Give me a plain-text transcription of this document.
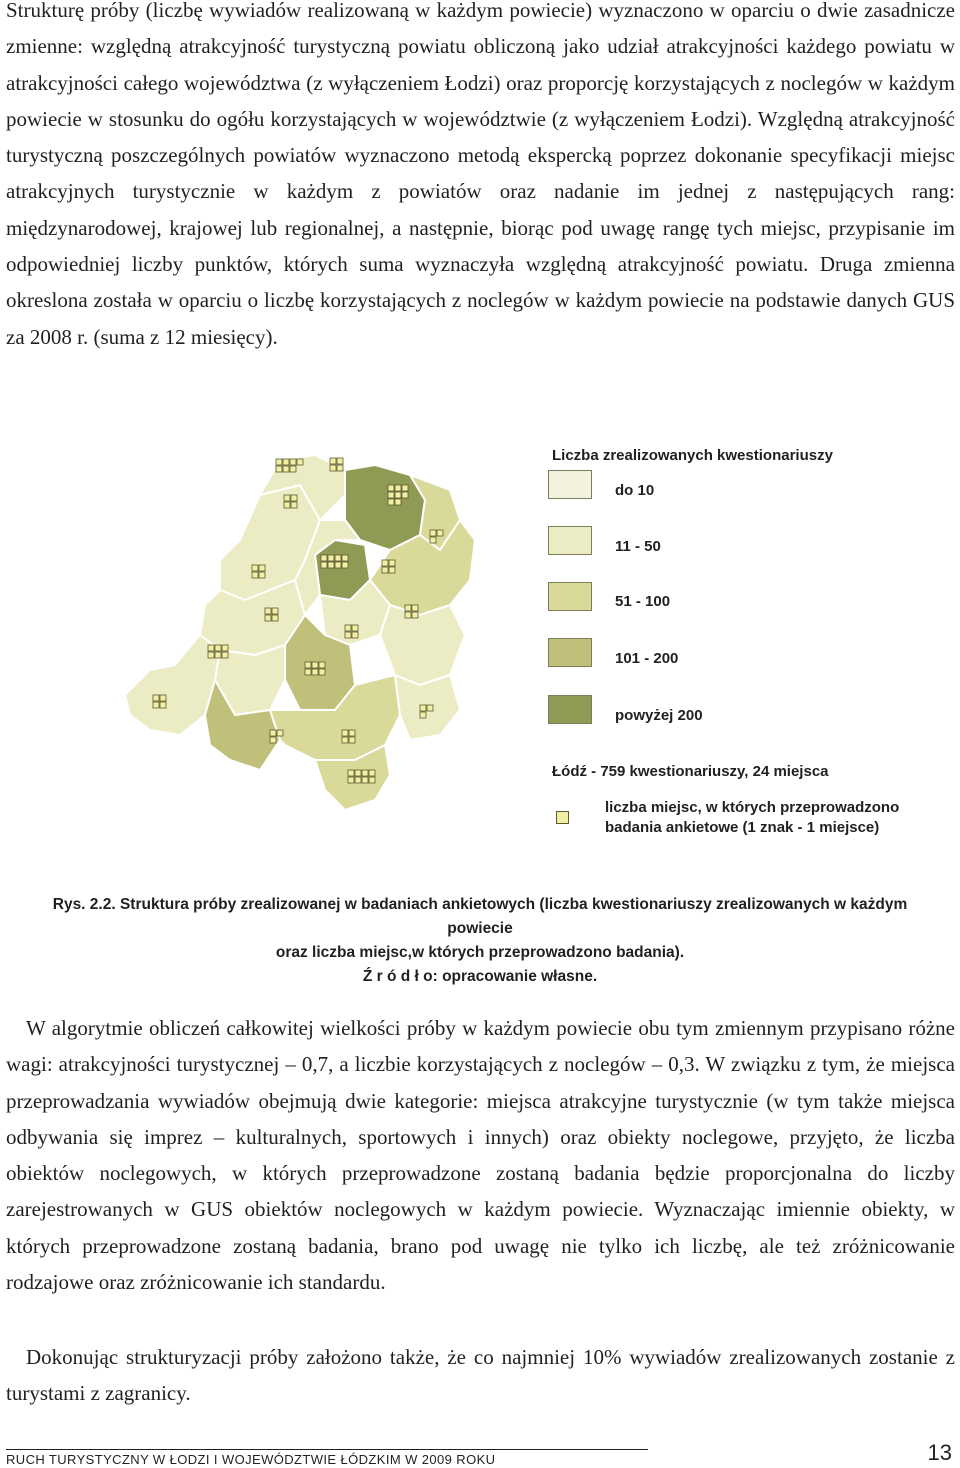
Strukturę próby (liczbę wywiadów realizowaną w każdym powiecie) wyznaczono w oparciu o dwie zasadnicze zmienne: względną atrakcyjność turystyczną powiatu obliczoną jako udział atrakcyjności każdego powiatu w atrakcyjności całego województwa (z wyłączeniem Łodzi) oraz proporcję korzystających z noclegów w każdym powiecie w stosunku do ogółu korzystających w województwie (z wyłączeniem Łodzi). Względną atrakcyjność turystyczną poszczególnych powiatów wyznaczono metodą ekspercką poprzez dokonanie specyfikacji miejsc atrakcyjnych turystycznie w każdym z powiatów oraz nadanie im jednej z następujących rang: międzynarodowej, krajowej lub regionalnej, a następnie, biorąc pod uwagę rangę tych miejsc, przypisanie im odpowiedniej liczby punktów, których suma wyznaczyła względną atrakcyjność powiatu. Druga zmienna okreslona została w oparciu o liczbę korzystających z noclegów w każdym powiecie na podstawie danych GUS za 2008 r. (suma z 12 miesięcy).

Liczba zrealizowanych kwestionariuszy
do 10
11 - 50
51 - 100
101 - 200
powyżej 200
Łódź - 759 kwestionariuszy, 24 miejsca
liczba miejsc, w których przeprowadzono badania ankietowe (1 znak - 1 miejsce)
Rys. 2.2. Struktura próby zrealizowanej w badaniach ankietowych (liczba kwestionariuszy zrealizowanych w każdym powiecie
oraz liczba miejsc,w których przeprowadzono badania).
Ź r ó d ł o: opracowanie własne.

W algorytmie obliczeń całkowitej wielkości próby w każdym powiecie obu tym zmiennym przypisano różne wagi: atrakcyjności turystycznej – 0,7, a liczbie korzystających z noclegów – 0,3. W związku z tym, że miejsca przeprowadzania wywiadów obejmują dwie kategorie: miejsca atrakcyjne turystycznie (w tym także miejsca odbywania się imprez – kulturalnych, sportowych i innych) oraz obiekty noclegowe, przyjęto, że liczba obiektów noclegowych, w których przeprowadzone zostaną badania będzie proporcjonalna do liczby zarejestrowanych w GUS obiektów noclegowych w każdym powiecie. Wyznaczając imiennie obiekty, w których przeprowadzone zostaną badania, brano pod uwagę nie tylko ich liczbę, ale też zróżnicowanie rodzajowe oraz zróżnicowanie ich standardu.

Dokonując strukturyzacji próby założono także, że co najmniej 10% wywiadów zrealizowanych zostanie z turystami z zagranicy.

RUCH TURYSTYCZNY W ŁODZI I WOJEWÓDZTWIE ŁÓDZKIM W 2009 ROKU	13
